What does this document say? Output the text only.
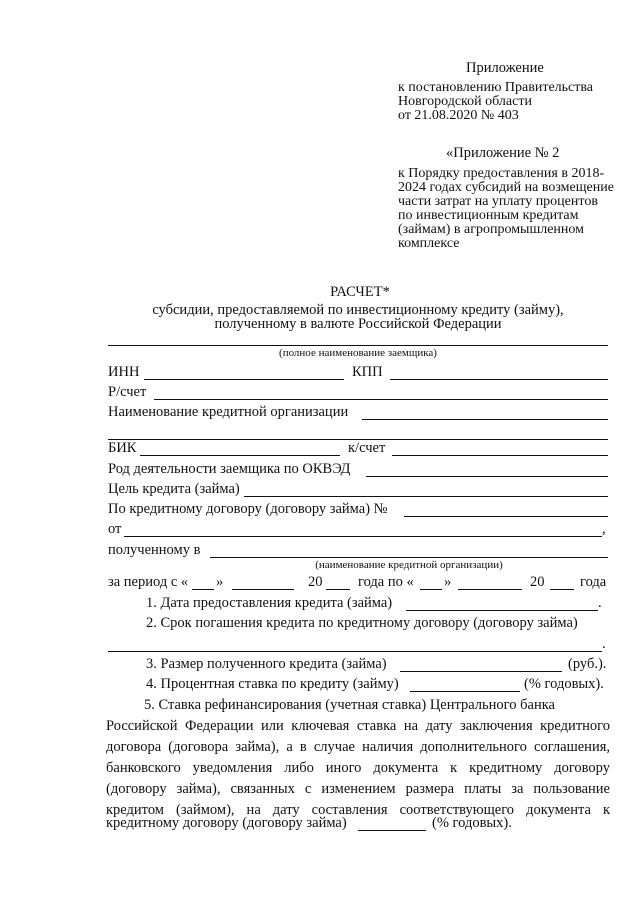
Приложение
к постановлению Правительства
Новгородской области
от 21.08.2020 № 403
«Приложение № 2
к Порядку предоставления в 2018-
2024 годах субсидий на возмещение
части затрат на уплату процентов
по инвестиционным кредитам
(займам) в агропромышленном
комплексе
РАСЧЕТ*
субсидии, предоставляемой по инвестиционному кредиту (займу),
полученному в валюте Российской Федерации
(полное наименование заемщика)
ИНН	КПП
Р/счет
Наименование кредитной организации
БИК	к/счет
Род деятельности заемщика по ОКВЭД
Цель кредита (займа)
По кредитному договору (договору займа) №
от	,
полученному в
(наименование кредитной организации)
за период с « »	20 года по « »	20 года
1. Дата предоставления кредита (займа)	.
2. Срок погашения кредита по кредитному договору (договору займа)
.
3. Размер полученного кредита (займа)	(руб.).
4. Процентная ставка по кредиту (займу)	(% годовых).
5. Ставка рефинансирования (учетная ставка) Центрального банка
Российской Федерации или ключевая ставка на дату заключения кредитного
договора (договора займа), а в случае наличия дополнительного соглашения,
банковского уведомления либо иного документа к кредитному договору
(договору займа), связанных с изменением размера платы за пользование
кредитом (займом), на дату составления соответствующего документа к
кредитному договору (договору займа)	(% годовых).
